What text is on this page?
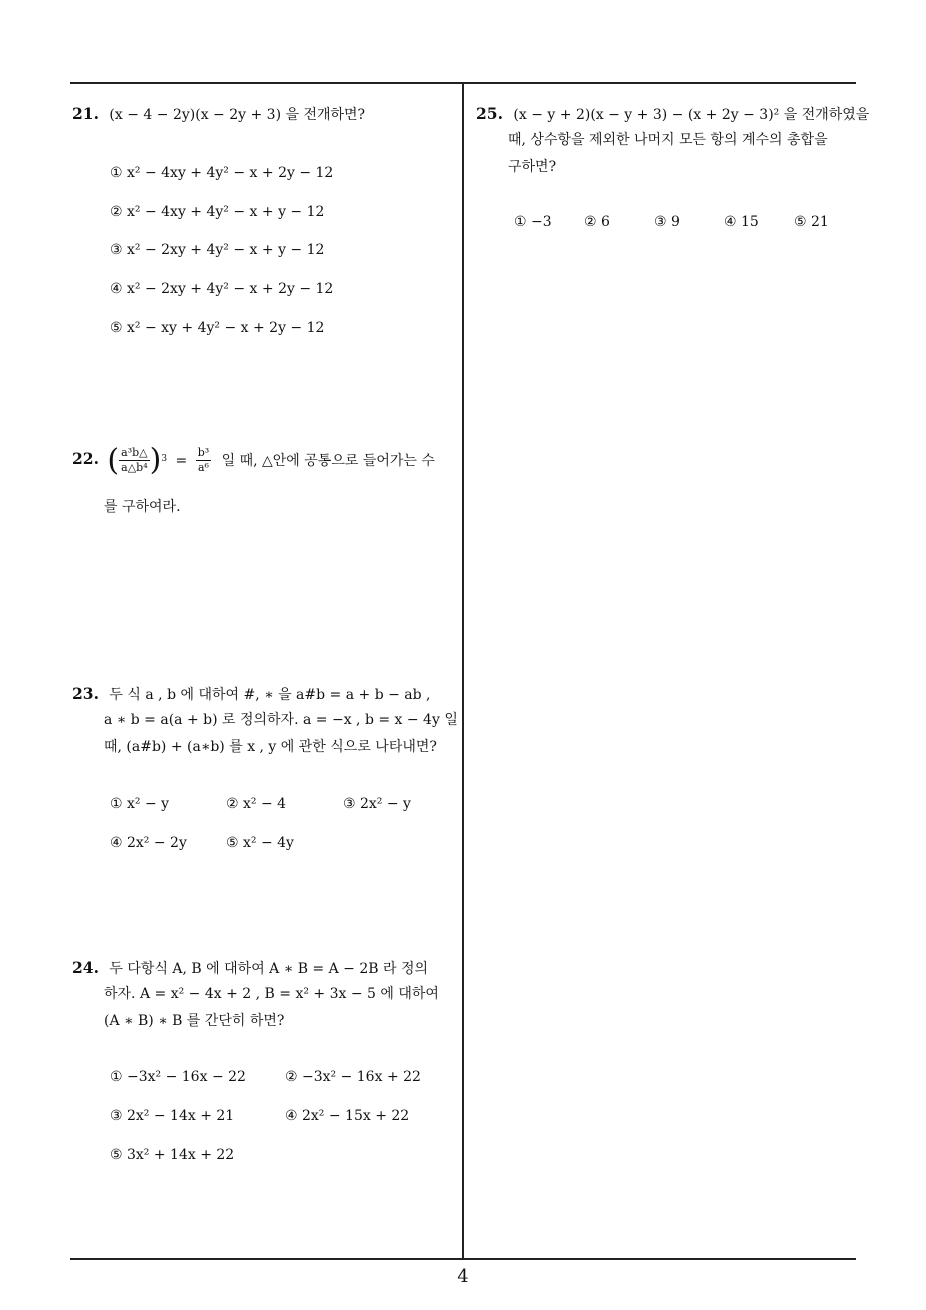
21. (x − 4 − 2y)(x − 2y + 3) 을 전개하면?
① x² − 4xy + 4y² − x + 2y − 12
② x² − 4xy + 4y² − x + y − 12
③ x² − 2xy + 4y² − x + y − 12
④ x² − 2xy + 4y² − x + 2y − 12
⑤ x² − xy + 4y² − x + 2y − 12
22. ( $\frac{\text{a³b△}}{\text{a△b⁴}} )^3 = \frac{\text{b³}}{\text{a⁶}}$ 일 때, △안에 공통으로 들어가는 수
를 구하여라.
23. 두 식 a , b 에 대하여 #, ∗ 을 a#b = a + b − ab ,
a ∗ b = a(a + b) 로 정의하자. a = −x , b = x − 4y 일
때, (a#b) + (a∗b) 를 x , y 에 관한 식으로 나타내면?
① x² − y	② x² − 4	③ 2x² − y
④ 2x² − 2y	⑤ x² − 4y
24. 두 다항식 A, B 에 대하여 A ∗ B = A − 2B 라 정의
하자. A = x² − 4x + 2 , B = x² + 3x − 5 에 대하여
(A ∗ B) ∗ B 를 간단히 하면?
① −3x² − 16x − 22	② −3x² − 16x + 22
③ 2x² − 14x + 21	④ 2x² − 15x + 22
⑤ 3x² + 14x + 22
25. (x − y + 2)(x − y + 3) − (x + 2y − 3)² 을 전개하였을
때, 상수항을 제외한 나머지 모든 항의 계수의 총합을
구하면?
① −3 ② 6	③ 9	④ 15	⑤ 21
4
